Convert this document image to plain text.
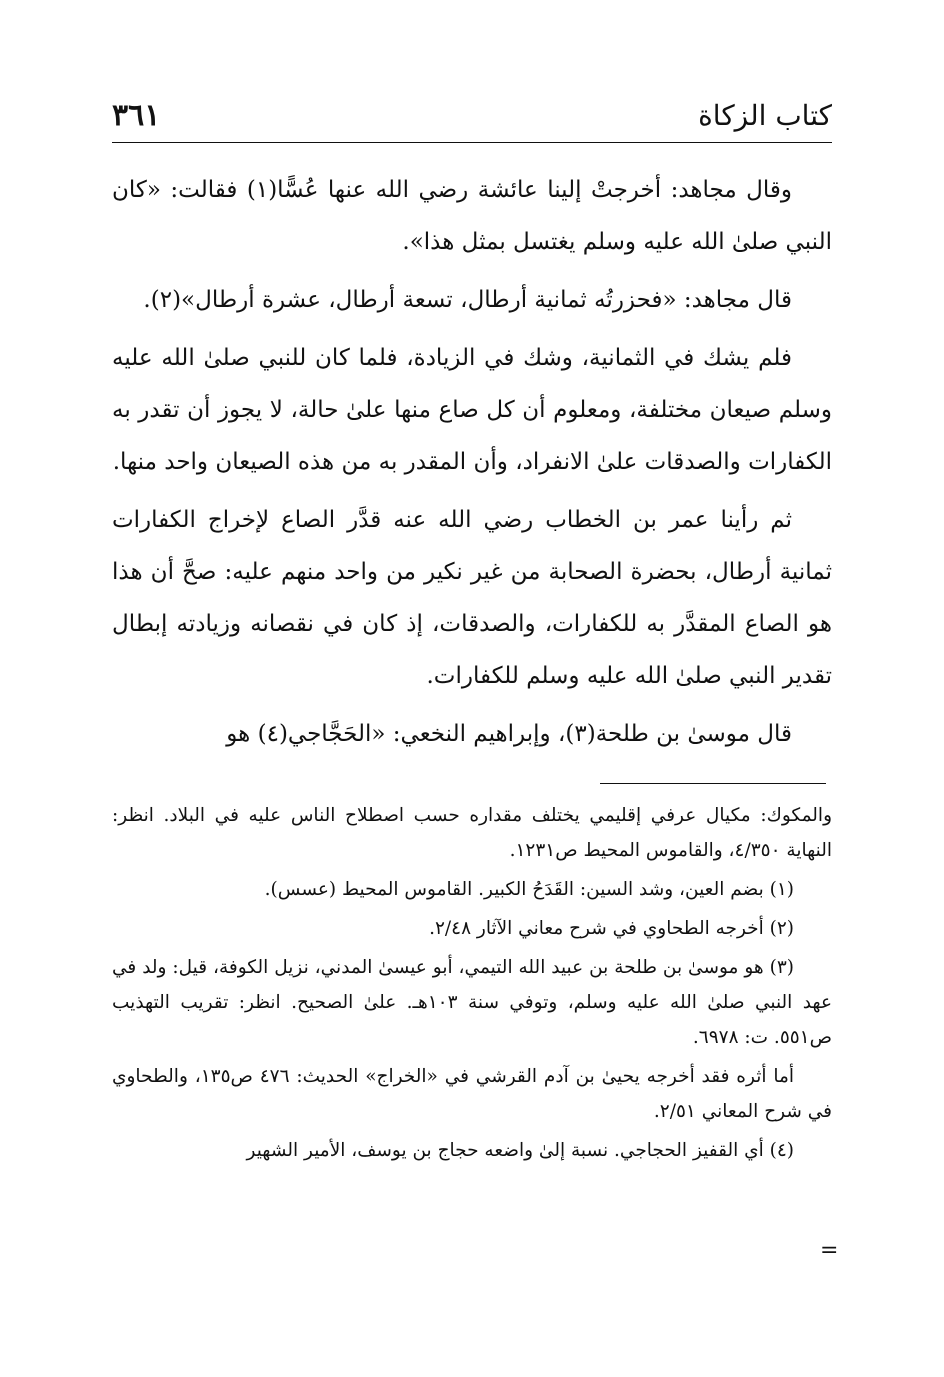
كتاب الزكاة
٣٦١

وقال مجاهد: أخرجتْ إلينا عائشة رضي الله عنها عُسًّا(١) فقالت: «كان النبي صلىٰ الله عليه وسلم يغتسل بمثل هذا».

قال مجاهد: «فحزرتُه ثمانية أرطال، تسعة أرطال، عشرة أرطال»(٢).

فلم يشك في الثمانية، وشك في الزيادة، فلما كان للنبي صلىٰ الله عليه وسلم صيعان مختلفة، ومعلوم أن كل صاع منها علىٰ حالة، لا يجوز أن تقدر به الكفارات والصدقات علىٰ الانفراد، وأن المقدر به من هذه الصيعان واحد منها.

ثم رأينا عمر بن الخطاب رضي الله عنه قدَّر الصاع لإخراج الكفارات ثمانية أرطال، بحضرة الصحابة من غير نكير من واحد منهم عليه: صحَّ أن هذا هو الصاع المقدَّر به للكفارات، والصدقات، إذ كان في نقصانه وزيادته إبطال تقدير النبي صلىٰ الله عليه وسلم للكفارات.

قال موسىٰ بن طلحة(٣)، وإبراهيم النخعي: «الحَجَّاجي(٤) هو

والمكوك: مكيال عرفي إقليمي يختلف مقداره حسب اصطلاح الناس عليه في البلاد. انظر: النهاية ٤/٣٥٠، والقاموس المحيط ص١٢٣١.

(١) بضم العين، وشد السين: القَدَحُ الكبير. القاموس المحيط (عسس).

(٢) أخرجه الطحاوي في شرح معاني الآثار ٢/٤٨.

(٣) هو موسىٰ بن طلحة بن عبيد الله التيمي، أبو عيسىٰ المدني، نزيل الكوفة، قيل: ولد في عهد النبي صلىٰ الله عليه وسلم، وتوفي سنة ١٠٣هـ. علىٰ الصحيح. انظر: تقريب التهذيب ص٥٥١. ت: ٦٩٧٨.

أما أثره فقد أخرجه يحيىٰ بن آدم القرشي في «الخراج» الحديث: ٤٧٦ ص١٣٥، والطحاوي في شرح المعاني ٢/٥١.

(٤) أي القفيز الحجاجي. نسبة إلىٰ واضعه حجاج بن يوسف، الأمير الشهير

=
